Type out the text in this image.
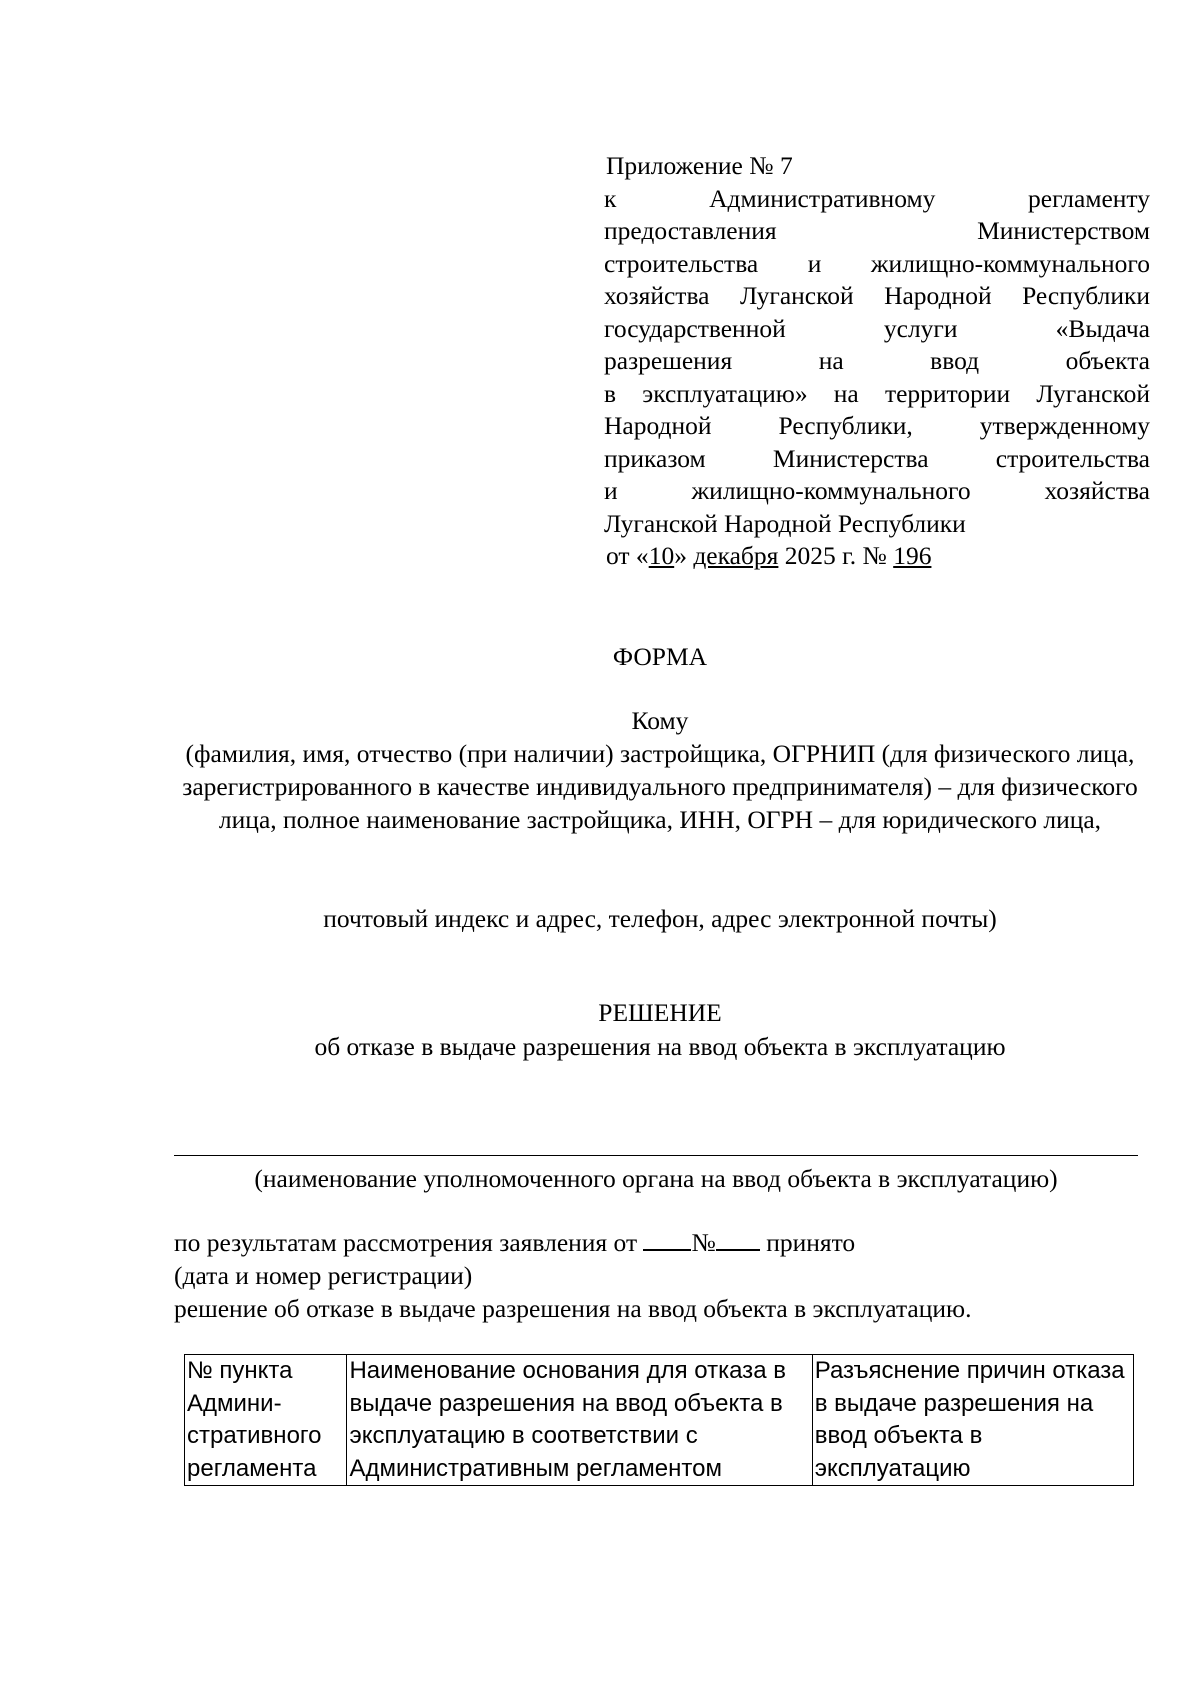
Приложение № 7
к Административному регламенту
предоставления Министерством
строительства и жилищно-коммунального
хозяйства Луганской Народной Республики
государственной услуги «Выдача
разрешения на ввод объекта
в эксплуатацию» на территории Луганской
Народной Республики, утвержденному
приказом Министерства строительства
и жилищно-коммунального хозяйства
Луганской Народной Республики
от «10» декабря 2025 г. № 196
ФОРМА
Кому
(фамилия, имя, отчество (при наличии) застройщика, ОГРНИП (для физического лица, зарегистрированного в качестве индивидуального предпринимателя) – для физического лица, полное наименование застройщика, ИНН, ОГРН – для юридического лица,
почтовый индекс и адрес, телефон, адрес электронной почты)
РЕШЕНИЕ
об отказе в выдаче разрешения на ввод объекта в эксплуатацию
(наименование уполномоченного органа на ввод объекта в эксплуатацию)
по результатам рассмотрения заявления от № принято
(дата и номер регистрации)
решение об отказе в выдаче разрешения на ввод объекта в эксплуатацию.
№ пункта Админи-стративного регламента	Наименование основания для отказа в выдаче разрешения на ввод объекта в эксплуатацию в соответствии с Административным регламентом	Разъяснение причин отказа в выдаче разрешения на ввод объекта в эксплуатацию
